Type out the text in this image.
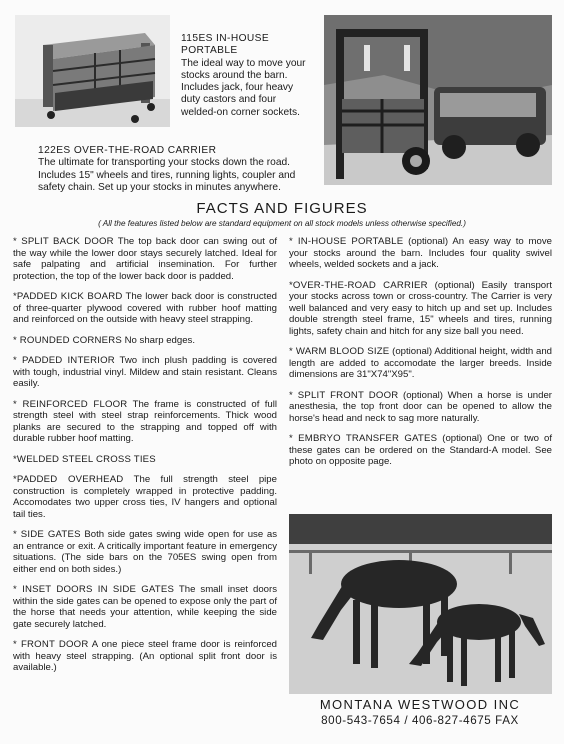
115ES IN-HOUSE PORTABLE
The ideal way to move your stocks around the barn. Includes jack, four heavy duty castors and four welded-on corner sockets.

122ES OVER-THE-ROAD CARRIER
The ultimate for transporting your stocks down the road. Includes 15" wheels and tires, running lights, coupler and safety chain. Set up your stocks in minutes anywhere.

FACTS AND FIGURES

( All the features listed below are standard equipment on all stock models unless otherwise specified.)

* SPLIT BACK DOOR The top back door can swing out of the way while the lower door stays securely latched. Ideal for safe palpating and artificial insemination. For further protection, the top of the lower back door is padded.

*PADDED KICK BOARD The lower back door is constructed of three-quarter plywood covered with rubber hoof matting and reinforced on the outside with heavy steel strapping.

* ROUNDED CORNERS No sharp edges.

* PADDED INTERIOR Two inch plush padding is covered with tough, industrial vinyl. Mildew and stain resistant. Cleans easily.

* REINFORCED FLOOR The frame is constructed of full strength steel with steel strap reinforcements. Thick wood planks are secured to the strapping and topped off with durable rubber hoof matting.

*WELDED STEEL CROSS TIES

*PADDED OVERHEAD The full strength steel pipe construction is completely wrapped in protective padding. Accomodates two upper cross ties, IV hangers and optional tail ties.

* SIDE GATES Both side gates swing wide open for use as an entrance or exit. A critically important feature in emergency situations. (The side bars on the 705ES swing open from either end on both sides.)

* INSET DOORS IN SIDE GATES The small inset doors within the side gates can be opened to expose only the part of the horse that needs your attention, while keeping the side gate securely latched.

* FRONT DOOR A one piece steel frame door is reinforced with heavy steel strapping. (An optional split front door is available.)

* IN-HOUSE PORTABLE (optional) An easy way to move your stocks around the barn. Includes four quality swivel wheels, welded sockets and a jack.

*OVER-THE-ROAD CARRIER (optional) Easily transport your stocks across town or cross-country. The Carrier is very well balanced and very easy to hitch up and set up. Includes double strength steel frame, 15" wheels and tires, running lights, safety chain and hitch for any size ball you need.

* WARM BLOOD SIZE (optional) Additional height, width and length are added to accomodate the larger breeds. Inside dimensions are 31"X74"X95".

* SPLIT FRONT DOOR (optional) When a horse is under anesthesia, the top front door can be opened to allow the horse's head and neck to sag more naturally.

* EMBRYO TRANSFER GATES (optional) One or two of these gates can be ordered on the Standard-A model. See photo on opposite page.

MONTANA WESTWOOD INC
800-543-7654 / 406-827-4675 FAX
